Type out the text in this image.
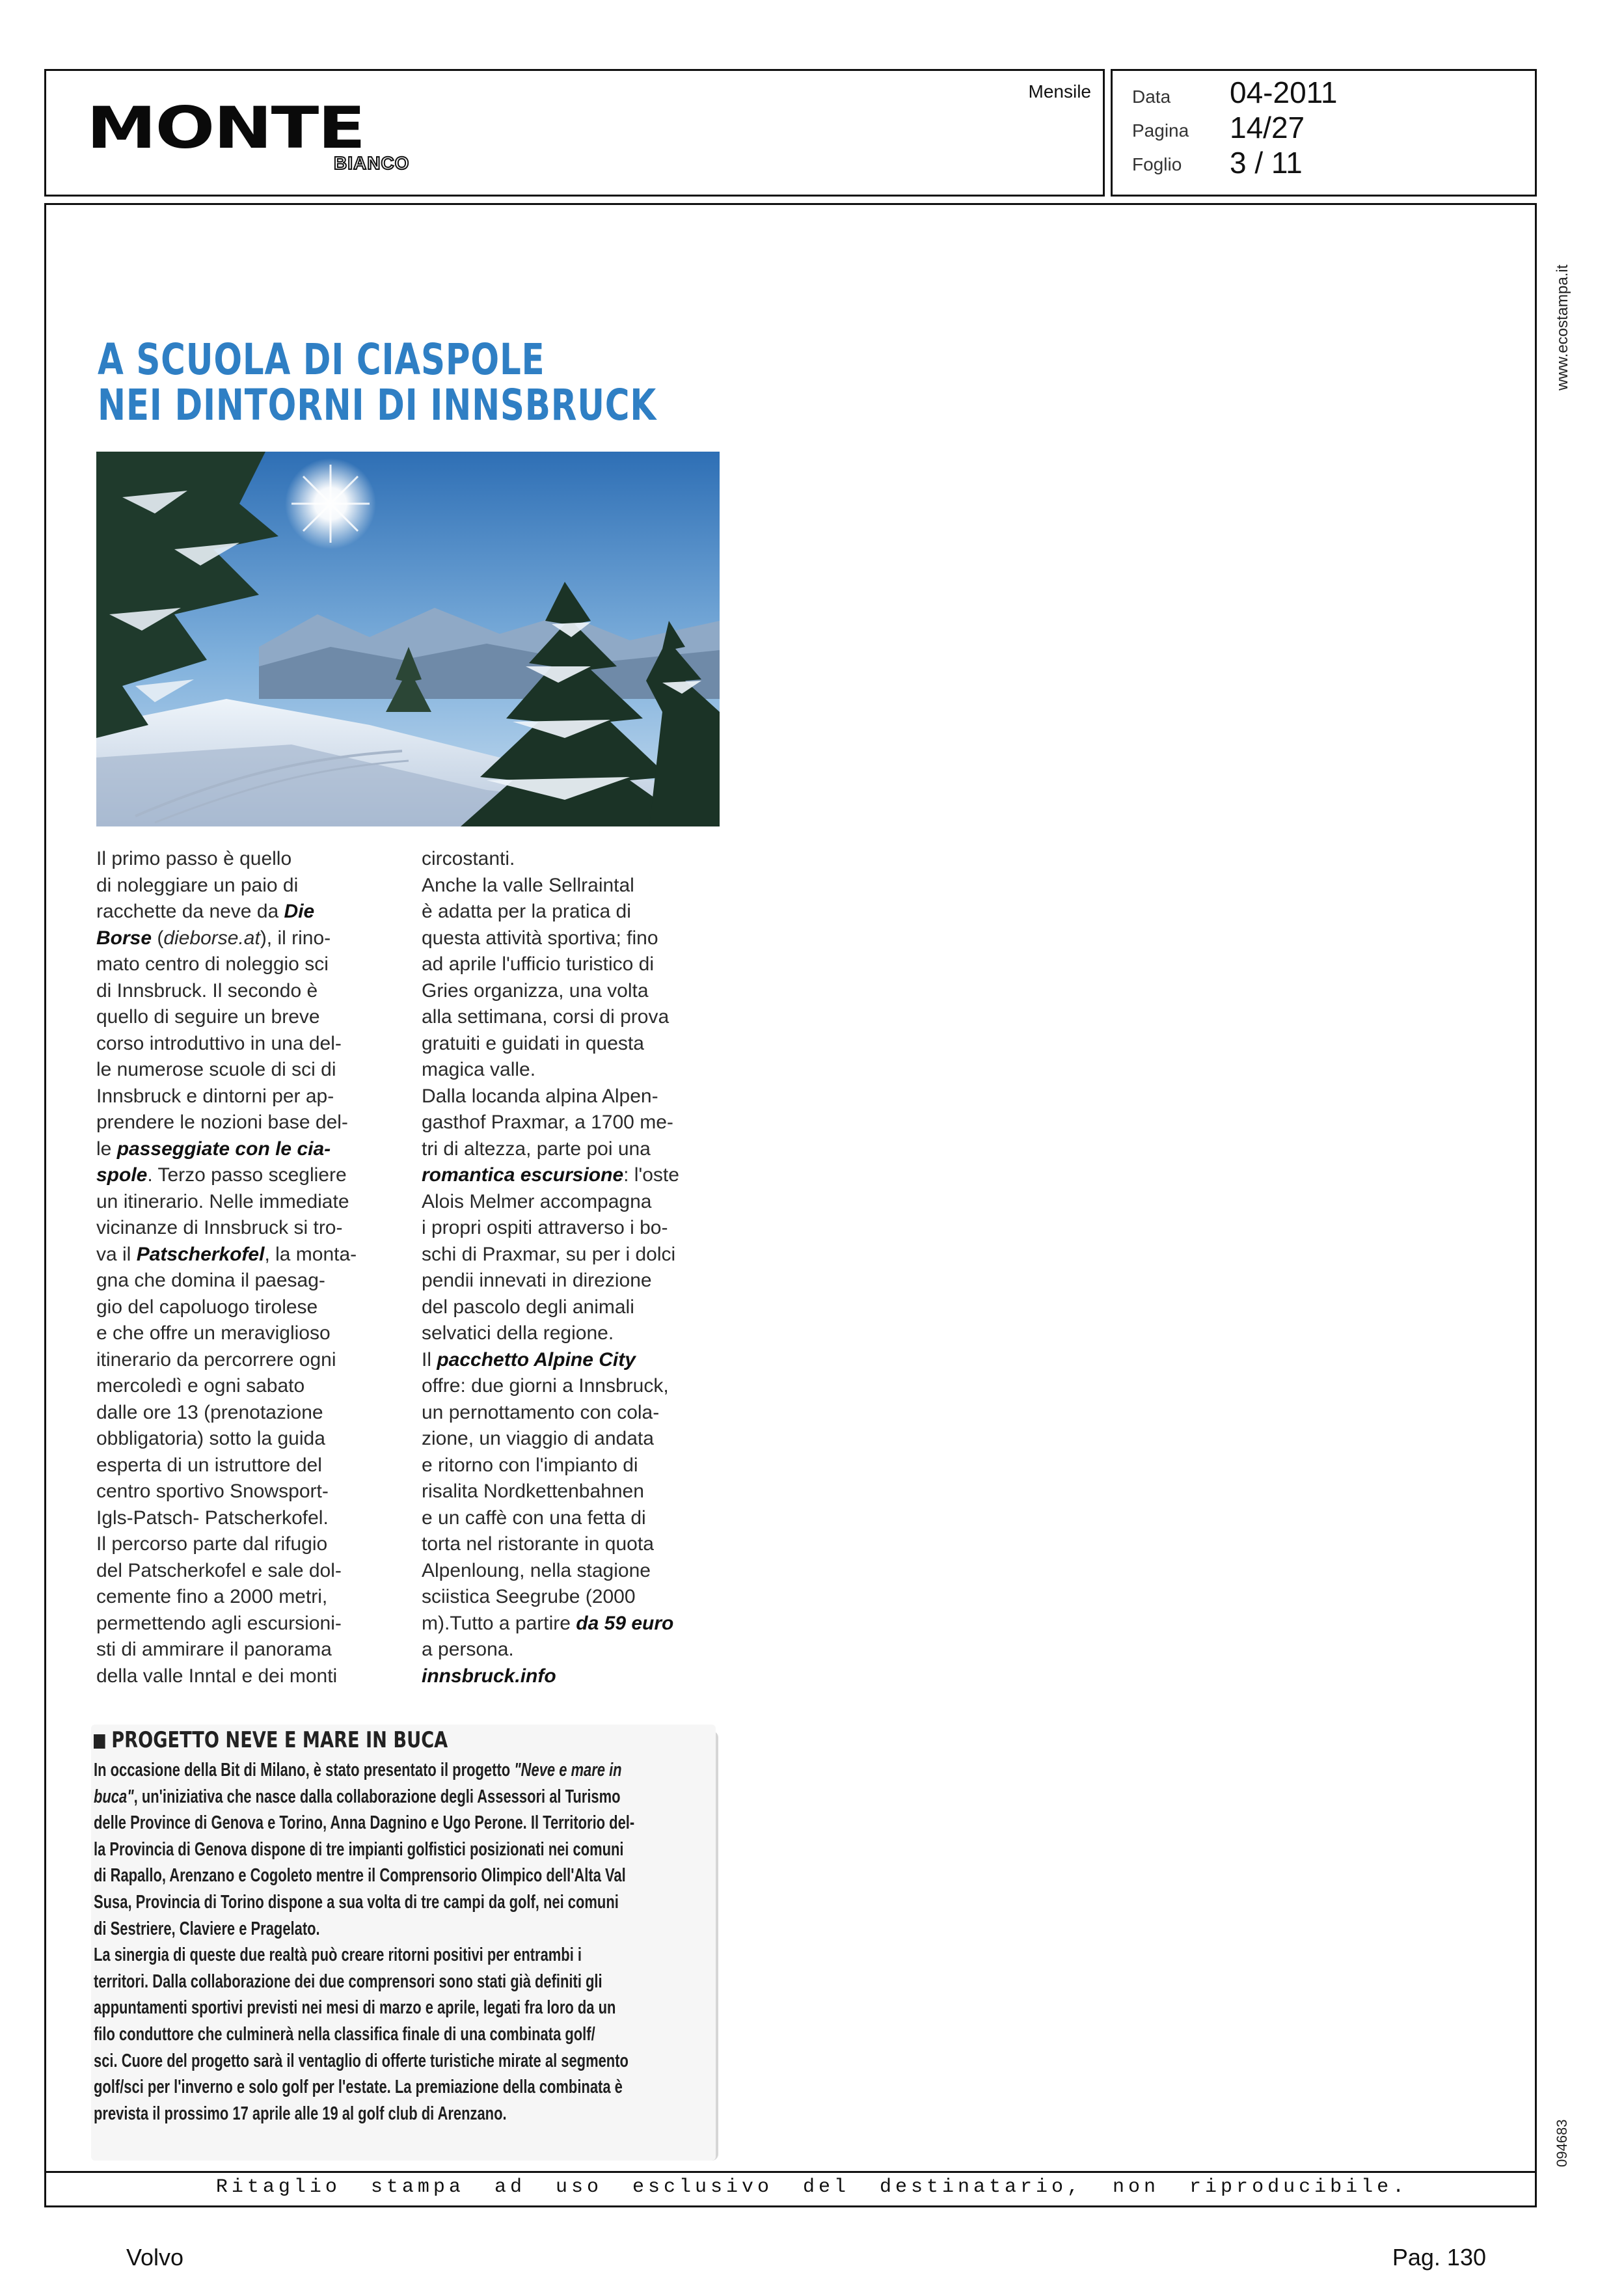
MONTE
BIANCO
Mensile Data 04-2011
Pagina 14/27
Foglio 3 / 11
Ritaglio stampa ad uso esclusivo del destinatario, non riproducibile.
www.ecostampa.it
094683
A SCUOLA DI CIASPOLE
NEI DINTORNI DI INNSBRUCK
Il primo passo è quello
di noleggiare un paio di
racchette da neve da Die
Borse (dieborse.at), il rino-
mato centro di noleggio sci
di Innsbruck. Il secondo è
quello di seguire un breve
corso introduttivo in una del-
le numerose scuole di sci di
Innsbruck e dintorni per ap-
prendere le nozioni base del-
le passeggiate con le cia-
spole. Terzo passo scegliere
un itinerario. Nelle immediate
vicinanze di Innsbruck si tro-
va il Patscherkofel, la monta-
gna che domina il paesag-
gio del capoluogo tirolese
e che offre un meraviglioso
itinerario da percorrere ogni
mercoledì e ogni sabato
dalle ore 13 (prenotazione
obbligatoria) sotto la guida
esperta di un istruttore del
centro sportivo Snowsport-
Igls-Patsch- Patscherkofel.
Il percorso parte dal rifugio
del Patscherkofel e sale dol-
cemente fino a 2000 metri,
permettendo agli escursioni-
sti di ammirare il panorama
della valle Inntal e dei monti
circostanti.
Anche la valle Sellraintal
è adatta per la pratica di
questa attività sportiva; fino
ad aprile l'ufficio turistico di
Gries organizza, una volta
alla settimana, corsi di prova
gratuiti e guidati in questa
magica valle.
Dalla locanda alpina Alpen-
gasthof Praxmar, a 1700 me-
tri di altezza, parte poi una
romantica escursione: l'oste
Alois Melmer accompagna
i propri ospiti attraverso i bo-
schi di Praxmar, su per i dolci
pendii innevati in direzione
del pascolo degli animali
selvatici della regione.
Il pacchetto Alpine City
offre: due giorni a Innsbruck,
un pernottamento con cola-
zione, un viaggio di andata
e ritorno con l'impianto di
risalita Nordkettenbahnen
e un caffè con una fetta di
torta nel ristorante in quota
Alpenloung, nella stagione
sciistica Seegrube (2000
m).Tutto a partire da 59 euro
a persona.
innsbruck.info
PROGETTO NEVE E MARE IN BUCA
In occasione della Bit di Milano, è stato presentato il progetto "Neve e mare in
buca", un'iniziativa che nasce dalla collaborazione degli Assessori al Turismo
delle Province di Genova e Torino, Anna Dagnino e Ugo Perone. Il Territorio del-
la Provincia di Genova dispone di tre impianti golfistici posizionati nei comuni
di Rapallo, Arenzano e Cogoleto mentre il Comprensorio Olimpico dell'Alta Val
Susa, Provincia di Torino dispone a sua volta di tre campi da golf, nei comuni
di Sestriere, Claviere e Pragelato.
La sinergia di queste due realtà può creare ritorni positivi per entrambi i
territori. Dalla collaborazione dei due comprensori sono stati già definiti gli
appuntamenti sportivi previsti nei mesi di marzo e aprile, legati fra loro da un
filo conduttore che culminerà nella classifica finale di una combinata golf/
sci. Cuore del progetto sarà il ventaglio di offerte turistiche mirate al segmento
golf/sci per l'inverno e solo golf per l'estate. La premiazione della combinata è
prevista il prossimo 17 aprile alle 19 al golf club di Arenzano.
Volvo	Pag. 130
